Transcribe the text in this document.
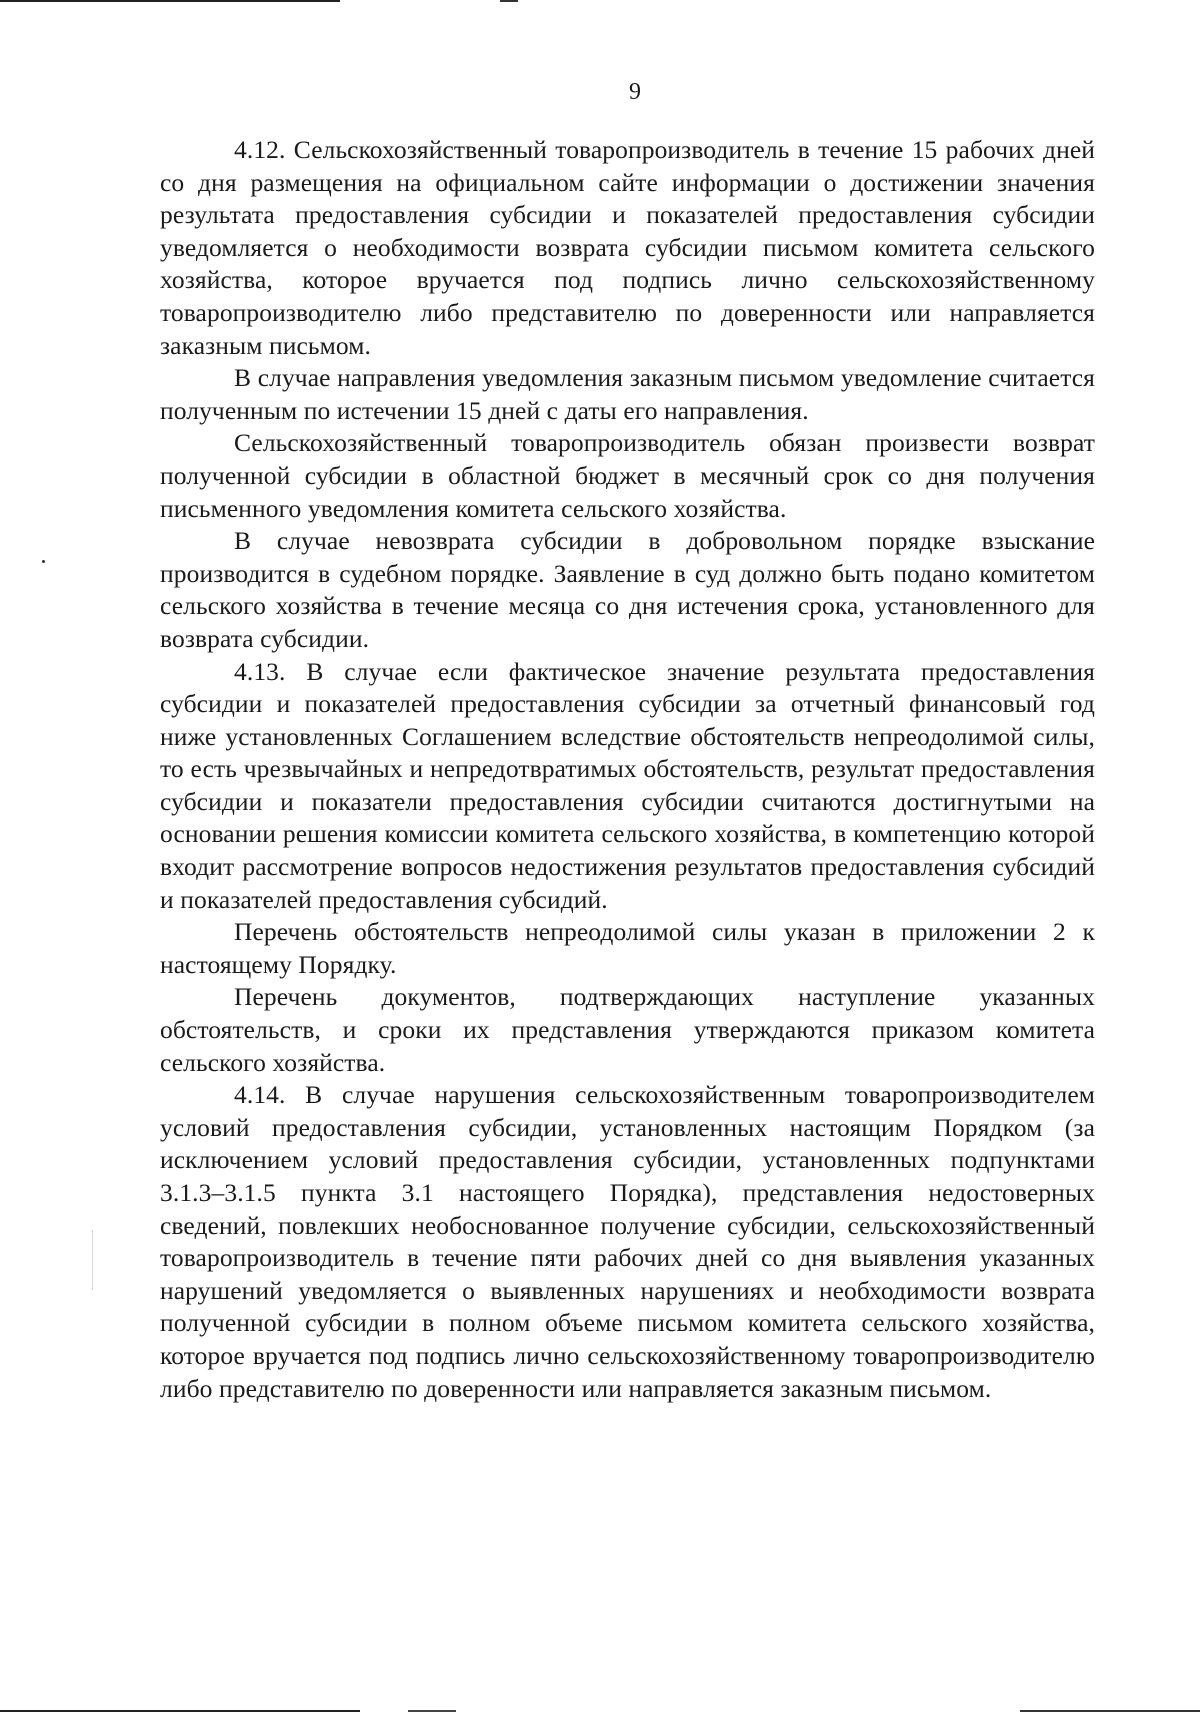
9

4.12. Сельскохозяйственный товаропроизводитель в течение 15 рабочих дней со дня размещения на официальном сайте информации о достижении значения результата предоставления субсидии и показателей предоставления субсидии уведомляется о необходимости возврата субсидии письмом комитета сельского хозяйства, которое вручается под подпись лично сельскохозяйственному товаропроизводителю либо представителю по доверенности или направляется заказным письмом.

В случае направления уведомления заказным письмом уведомление считается полученным по истечении 15 дней с даты его направления.

Сельскохозяйственный товаропроизводитель обязан произвести возврат полученной субсидии в областной бюджет в месячный срок со дня получения письменного уведомления комитета сельского хозяйства.

В случае невозврата субсидии в добровольном порядке взыскание производится в судебном порядке. Заявление в суд должно быть подано комитетом сельского хозяйства в течение месяца со дня истечения срока, установленного для возврата субсидии.

4.13. В случае если фактическое значение результата предоставления субсидии и показателей предоставления субсидии за отчетный финансовый год ниже установленных Соглашением вследствие обстоятельств непреодолимой силы, то есть чрезвычайных и непредотвратимых обстоятельств, результат предоставления субсидии и показатели предоставления субсидии считаются достигнутыми на основании решения комиссии комитета сельского хозяйства, в компетенцию которой входит рассмотрение вопросов недостижения результатов предоставления субсидий и показателей предоставления субсидий.

Перечень обстоятельств непреодолимой силы указан в приложении 2 к настоящему Порядку.

Перечень документов, подтверждающих наступление указанных обстоятельств, и сроки их представления утверждаются приказом комитета сельского хозяйства.

4.14. В случае нарушения сельскохозяйственным товаропроизводителем условий предоставления субсидии, установленных настоящим Порядком (за исключением условий предоставления субсидии, установленных подпунктами 3.1.3–3.1.5 пункта 3.1 настоящего Порядка), представления недостоверных сведений, повлекших необоснованное получение субсидии, сельскохозяйственный товаропроизводитель в течение пяти рабочих дней со дня выявления указанных нарушений уведомляется о выявленных нарушениях и необходимости возврата полученной субсидии в полном объеме письмом комитета сельского хозяйства, которое вручается под подпись лично сельскохозяйственному товаропроизводителю либо представителю по доверенности или направляется заказным письмом.
